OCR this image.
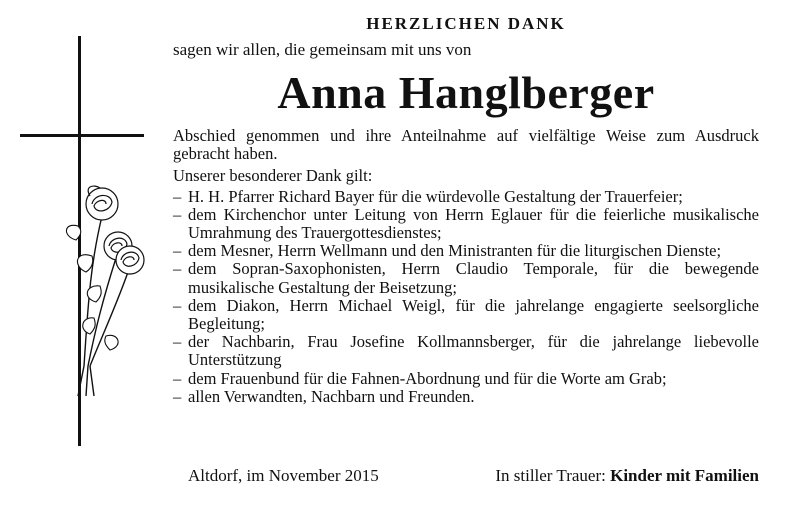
HERZLICHEN DANK
sagen wir allen, die gemeinsam mit uns von
Anna Hanglberger

Abschied genommen und ihre Anteilnahme auf vielfältige Weise zum Ausdruck gebracht haben.

Unserer besonderer Dank gilt:

– H. H. Pfarrer Richard Bayer für die würdevolle Gestaltung der Trauerfeier;
– dem Kirchenchor unter Leitung von Herrn Eglauer für die feierliche musikalische Umrahmung des Trauergottesdienstes;
– dem Mesner, Herrn Wellmann und den Ministranten für die liturgischen Dienste;
– dem Sopran-Saxophonisten, Herrn Claudio Temporale, für die bewegende musikalische Gestaltung der Beisetzung;
– dem Diakon, Herrn Michael Weigl, für die jahrelange engagierte seelsorgliche Begleitung;
– der Nachbarin, Frau Josefine Kollmannsberger, für die jahrelange liebevolle Unterstützung
– dem Frauenbund für die Fahnen-Abordnung und für die Worte am Grab;
– allen Verwandten, Nachbarn und Freunden.
Altdorf, im November 2015	In stiller Trauer: Kinder mit Familien
